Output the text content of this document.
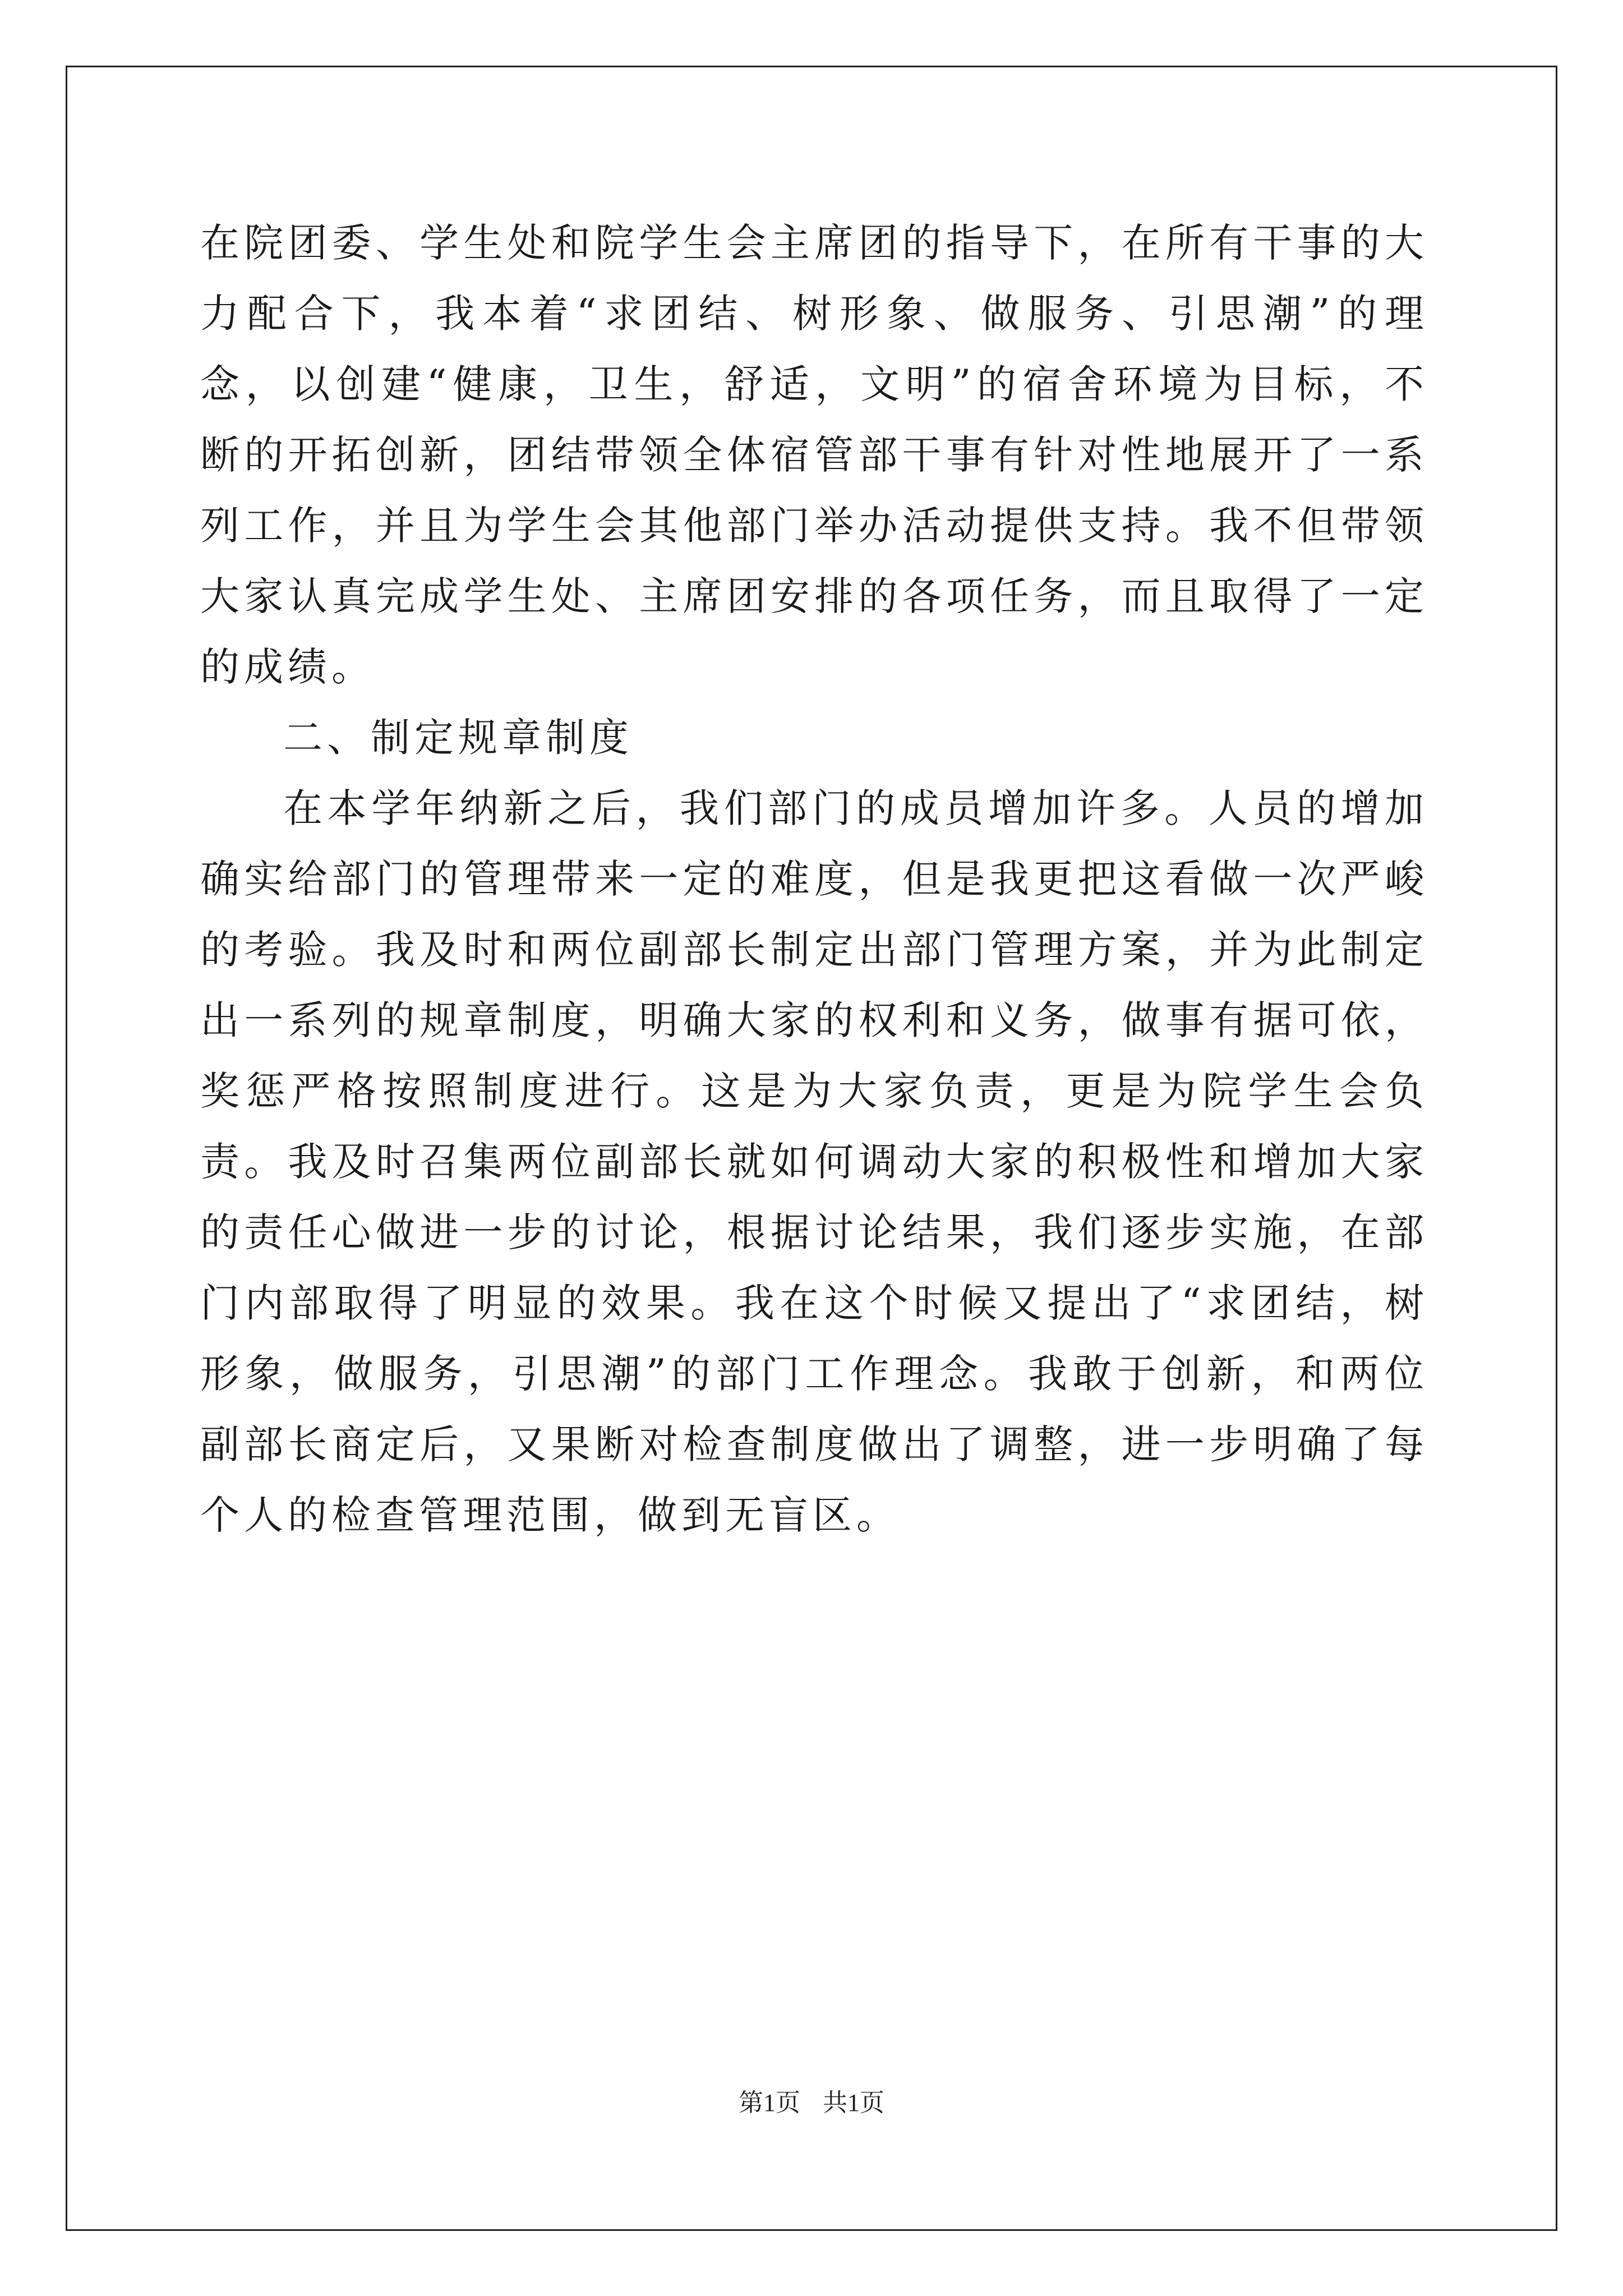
在院团委、学生处和院学生会主席团的指导下，在所有干事的大力配合下，我本着“求团结、树形象、做服务、引思潮”的理念，以创建“健康，卫生，舒适，文明”的宿舍环境为目标，不断的开拓创新，团结带领全体宿管部干事有针对性地展开了一系列工作，并且为学生会其他部门举办活动提供支持。我不但带领大家认真完成学生处、主席团安排的各项任务，而且取得了一定的成绩。

二、制定规章制度

在本学年纳新之后，我们部门的成员增加许多。人员的增加确实给部门的管理带来一定的难度，但是我更把这看做一次严峻的考验。我及时和两位副部长制定出部门管理方案，并为此制定出一系列的规章制度，明确大家的权利和义务，做事有据可依，奖惩严格按照制度进行。这是为大家负责，更是为院学生会负责。我及时召集两位副部长就如何调动大家的积极性和增加大家的责任心做进一步的讨论，根据讨论结果，我们逐步实施，在部门内部取得了明显的效果。我在这个时候又提出了“求团结，树形象，做服务，引思潮”的部门工作理念。我敢于创新，和两位副部长商定后，又果断对检查制度做出了调整，进一步明确了每个人的检查管理范围，做到无盲区。

第1页 共1页
